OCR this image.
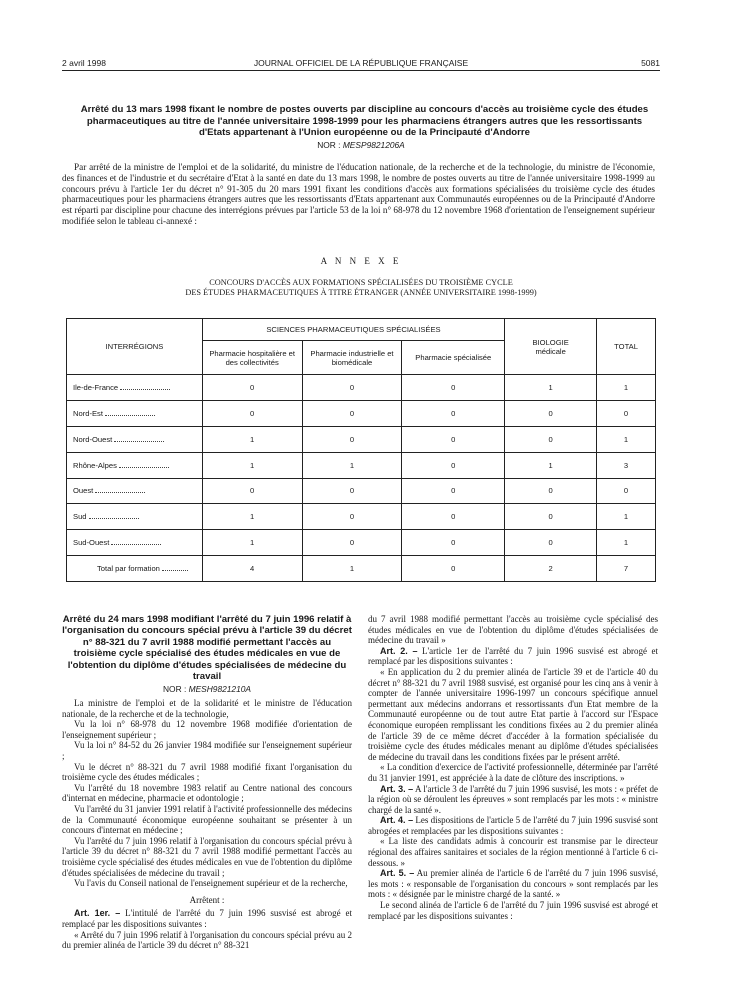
2 avril 1998	JOURNAL OFFICIEL DE LA RÉPUBLIQUE FRANÇAISE	5081
Arrêté du 13 mars 1998 fixant le nombre de postes ouverts par discipline au concours d'accès au troisième cycle des études pharmaceutiques au titre de l'année universitaire 1998-1999 pour les pharmaciens étrangers autres que les ressortissants d'Etats appartenant à l'Union européenne ou de la Principauté d'Andorre
NOR : MESP9821206A
Par arrêté de la ministre de l'emploi et de la solidarité, du ministre de l'éducation nationale, de la recherche et de la technologie, du ministre de l'économie, des finances et de l'industrie et du secrétaire d'Etat à la santé en date du 13 mars 1998, le nombre de postes ouverts au titre de l'année universitaire 1998-1999 au concours prévu à l'article 1er du décret n° 91-305 du 20 mars 1991 fixant les conditions d'accès aux formations spécialisées du troisième cycle des études pharmaceutiques pour les pharmaciens étrangers autres que les ressortissants d'Etats appartenant aux Communautés européennes ou de la Principauté d'Andorre est réparti par discipline pour chacune des interrégions prévues par l'article 53 de la loi n° 68-978 du 12 novembre 1968 d'orientation de l'enseignement supérieur modifiée selon le tableau ci-annexé :
A N N E X E
CONCOURS D'ACCÈS AUX FORMATIONS SPÉCIALISÉES DU TROISIÈME CYCLE
DES ÉTUDES PHARMACEUTIQUES À TITRE ÉTRANGER (ANNÉE UNIVERSITAIRE 1998-1999)
INTERRÉGIONS	SCIENCES PHARMACEUTIQUES SPÉCIALISÉES			BIOLOGIE médicale	TOTAL
	Pharmacie hospitalière et des collectivités	Pharmacie industrielle et biomédicale	Pharmacie spécialisée		
Ile-de-France	0	0	0	1	1
Nord-Est	0	0	0	0	0
Nord-Ouest	1	0	0	0	1
Rhône-Alpes	1	1	0	1	3
Ouest	0	0	0	0	0
Sud	1	0	0	0	1
Sud-Ouest	1	0	0	0	1
Total par formation	4	1	0	2	7
Arrêté du 24 mars 1998 modifiant l'arrêté du 7 juin 1996 relatif à l'organisation du concours spécial prévu à l'article 39 du décret n° 88-321 du 7 avril 1988 modifié permettant l'accès au troisième cycle spécialisé des études médicales en vue de l'obtention du diplôme d'études spécialisées de médecine du travail
NOR : MESH9821210A

La ministre de l'emploi et de la solidarité et le ministre de l'éducation nationale, de la recherche et de la technologie,

Vu la loi n° 68-978 du 12 novembre 1968 modifiée d'orientation de l'enseignement supérieur ;

Vu la loi n° 84-52 du 26 janvier 1984 modifiée sur l'enseignement supérieur ;

Vu le décret n° 88-321 du 7 avril 1988 modifié fixant l'organisation du troisième cycle des études médicales ;

Vu l'arrêté du 18 novembre 1983 relatif au Centre national des concours d'internat en médecine, pharmacie et odontologie ;

Vu l'arrêté du 31 janvier 1991 relatif à l'activité professionnelle des médecins de la Communauté économique européenne souhaitant se présenter à un concours d'internat en médecine ;

Vu l'arrêté du 7 juin 1996 relatif à l'organisation du concours spécial prévu à l'article 39 du décret n° 88-321 du 7 avril 1988 modifié permettant l'accès au troisième cycle spécialisé des études médicales en vue de l'obtention du diplôme d'études spécialisées de médecine du travail ;

Vu l'avis du Conseil national de l'enseignement supérieur et de la recherche,

Arrêtent :

Art. 1er. – L'intitulé de l'arrêté du 7 juin 1996 susvisé est abrogé et remplacé par les dispositions suivantes :

« Arrêté du 7 juin 1996 relatif à l'organisation du concours spécial prévu au 2 du premier alinéa de l'article 39 du décret n° 88-321

du 7 avril 1988 modifié permettant l'accès au troisième cycle spécialisé des études médicales en vue de l'obtention du diplôme d'études spécialisées de médecine du travail »

Art. 2. – L'article 1er de l'arrêté du 7 juin 1996 susvisé est abrogé et remplacé par les dispositions suivantes :

« En application du 2 du premier alinéa de l'article 39 et de l'article 40 du décret n° 88-321 du 7 avril 1988 susvisé, est organisé pour les cinq ans à venir à compter de l'année universitaire 1996-1997 un concours spécifique annuel permettant aux médecins andorrans et ressortissants d'un Etat membre de la Communauté européenne ou de tout autre Etat partie à l'accord sur l'Espace économique européen remplissant les conditions fixées au 2 du premier alinéa de l'article 39 de ce même décret d'accéder à la formation spécialisée du troisième cycle des études médicales menant au diplôme d'études spécialisées de médecine du travail dans les conditions fixées par le présent arrêté.

« La condition d'exercice de l'activité professionnelle, déterminée par l'arrêté du 31 janvier 1991, est appréciée à la date de clôture des inscriptions. »

Art. 3. – A l'article 3 de l'arrêté du 7 juin 1996 susvisé, les mots : « préfet de la région où se déroulent les épreuves » sont remplacés par les mots : « ministre chargé de la santé ».

Art. 4. – Les dispositions de l'article 5 de l'arrêté du 7 juin 1996 susvisé sont abrogées et remplacées par les dispositions suivantes :

« La liste des candidats admis à concourir est transmise par le directeur régional des affaires sanitaires et sociales de la région mentionné à l'article 6 ci-dessous. »

Art. 5. – Au premier alinéa de l'article 6 de l'arrêté du 7 juin 1996 susvisé, les mots : « responsable de l'organisation du concours » sont remplacés par les mots : « désignée par le ministre chargé de la santé. »

Le second alinéa de l'article 6 de l'arrêté du 7 juin 1996 susvisé est abrogé et remplacé par les dispositions suivantes :
